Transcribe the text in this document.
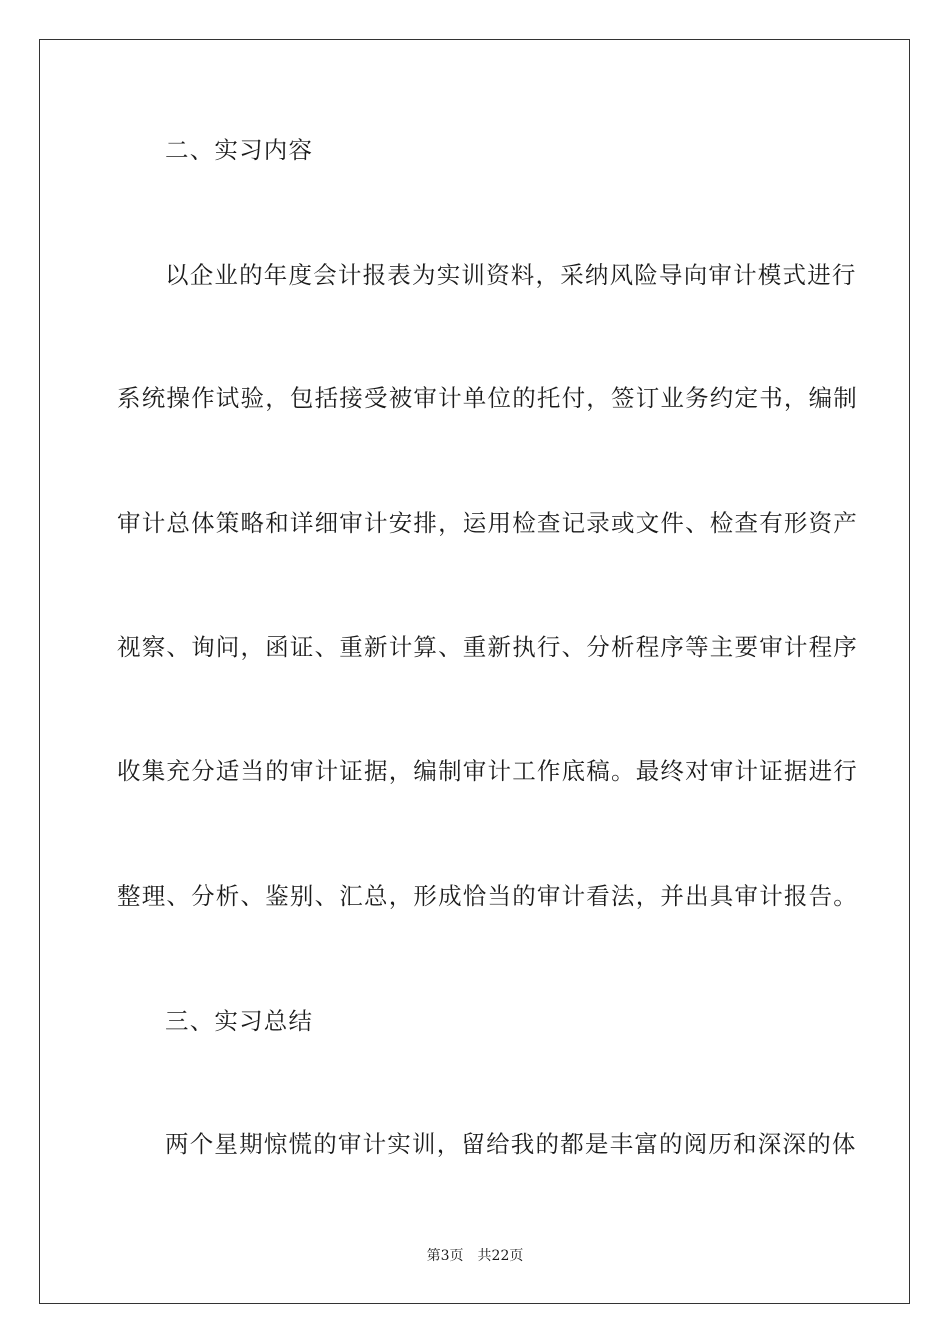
二、实习内容
以企业的年度会计报表为实训资料，采纳风险导向审计模式进行
系统操作试验，包括接受被审计单位的托付，签订业务约定书，编制
审计总体策略和详细审计安排，运用检查记录或文件、检查有形资产
视察、询问，函证、重新计算、重新执行、分析程序等主要审计程序
收集充分适当的审计证据，编制审计工作底稿。最终对审计证据进行
整理、分析、鉴别、汇总，形成恰当的审计看法，并出具审计报告。
三、实习总结
两个星期惊慌的审计实训，留给我的都是丰富的阅历和深深的体
第3页 共22页
